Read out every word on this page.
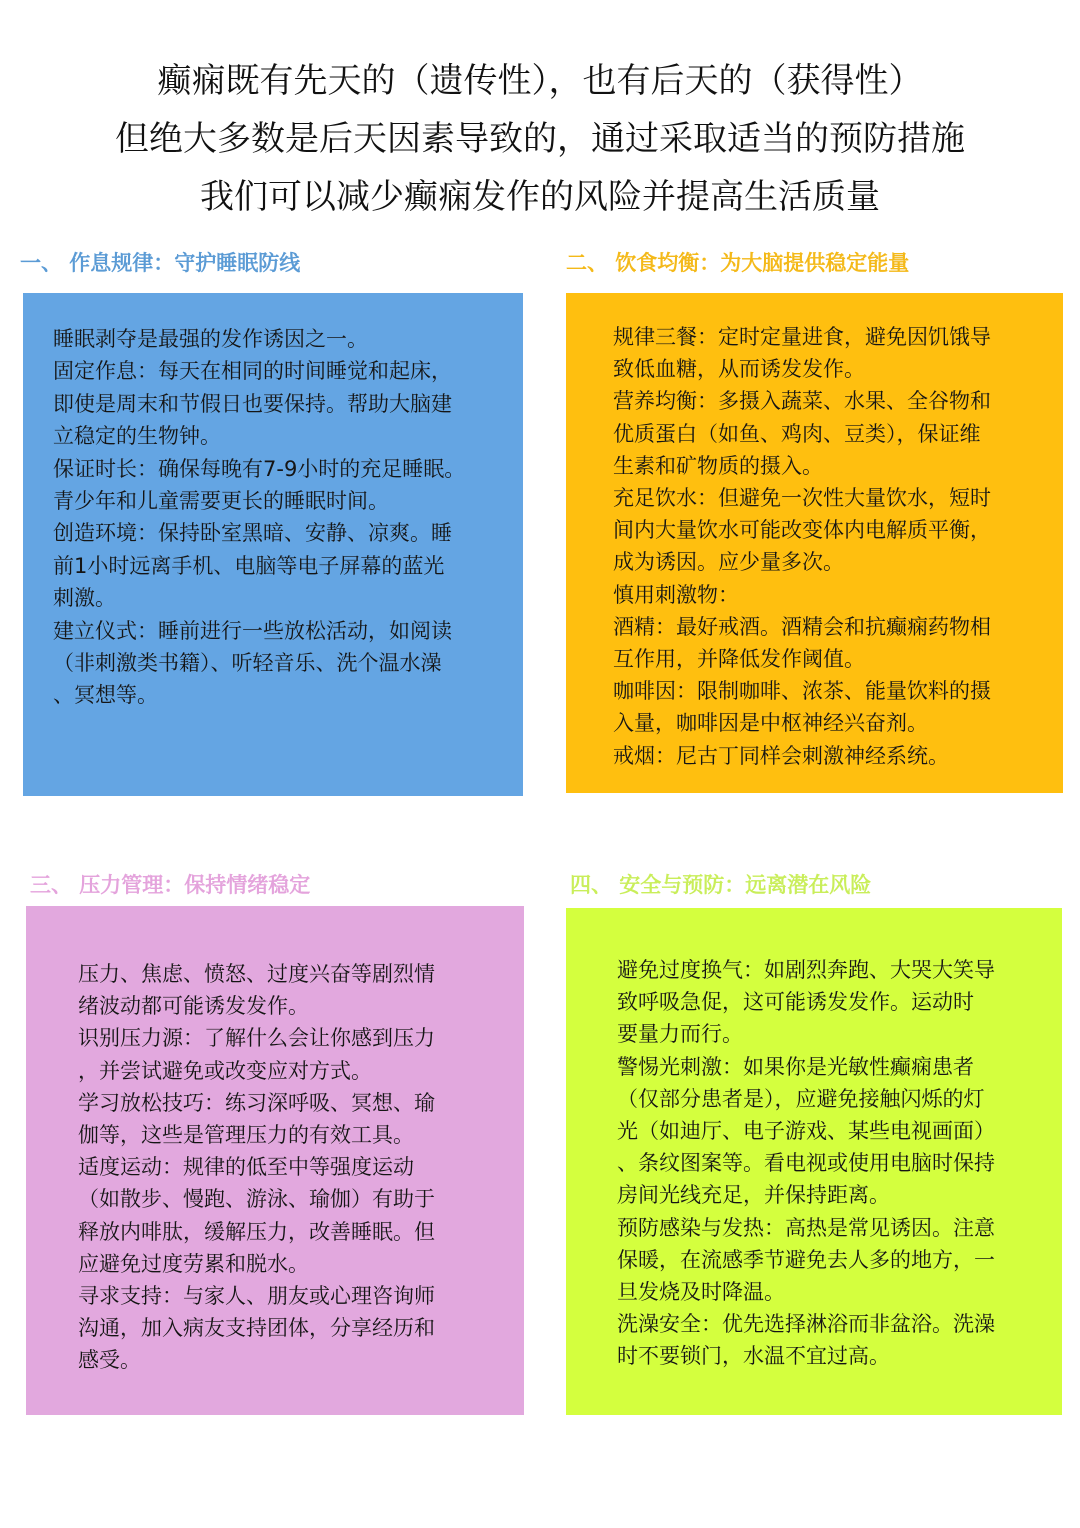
癫痫既有先天的（遗传性），也有后天的（获得性）
但绝大多数是后天因素导致的，通过采取适当的预防措施
我们可以减少癫痫发作的风险并提高生活质量
一、 作息规律：守护睡眠防线	二、 饮食均衡：为大脑提供稳定能量
三、 压力管理：保持情绪稳定	四、 安全与预防：远离潜在风险

睡眠剥夺是最强的发作诱因之一。

固定作息：每天在相同的时间睡觉和起床，

即使是周末和节假日也要保持。帮助大脑建

立稳定的生物钟。

保证时长：确保每晚有7-9小时的充足睡眠。

青少年和儿童需要更长的睡眠时间。

创造环境：保持卧室黑暗、安静、凉爽。睡

前1小时远离手机、电脑等电子屏幕的蓝光

刺激。

建立仪式：睡前进行一些放松活动，如阅读

（非刺激类书籍）、听轻音乐、洗个温水澡

、冥想等。

规律三餐：定时定量进食，避免因饥饿导

致低血糖，从而诱发发作。

营养均衡：多摄入蔬菜、水果、全谷物和

优质蛋白（如鱼、鸡肉、豆类），保证维

生素和矿物质的摄入。

充足饮水：但避免一次性大量饮水，短时

间内大量饮水可能改变体内电解质平衡，

成为诱因。应少量多次。

慎用刺激物：

酒精：最好戒酒。酒精会和抗癫痫药物相

互作用，并降低发作阈值。

咖啡因：限制咖啡、浓茶、能量饮料的摄

入量，咖啡因是中枢神经兴奋剂。

戒烟：尼古丁同样会刺激神经系统。

压力、焦虑、愤怒、过度兴奋等剧烈情

绪波动都可能诱发发作。

识别压力源：了解什么会让你感到压力

，并尝试避免或改变应对方式。

学习放松技巧：练习深呼吸、冥想、瑜

伽等，这些是管理压力的有效工具。

适度运动：规律的低至中等强度运动

（如散步、慢跑、游泳、瑜伽）有助于

释放内啡肽，缓解压力，改善睡眠。但

应避免过度劳累和脱水。

寻求支持：与家人、朋友或心理咨询师

沟通，加入病友支持团体，分享经历和

感受。

避免过度换气：如剧烈奔跑、大哭大笑导

致呼吸急促，这可能诱发发作。运动时

要量力而行。

警惕光刺激：如果你是光敏性癫痫患者

（仅部分患者是），应避免接触闪烁的灯

光（如迪厅、电子游戏、某些电视画面）

、条纹图案等。看电视或使用电脑时保持

房间光线充足，并保持距离。

预防感染与发热：高热是常见诱因。注意

保暖，在流感季节避免去人多的地方，一

旦发烧及时降温。

洗澡安全：优先选择淋浴而非盆浴。洗澡

时不要锁门，水温不宜过高。
